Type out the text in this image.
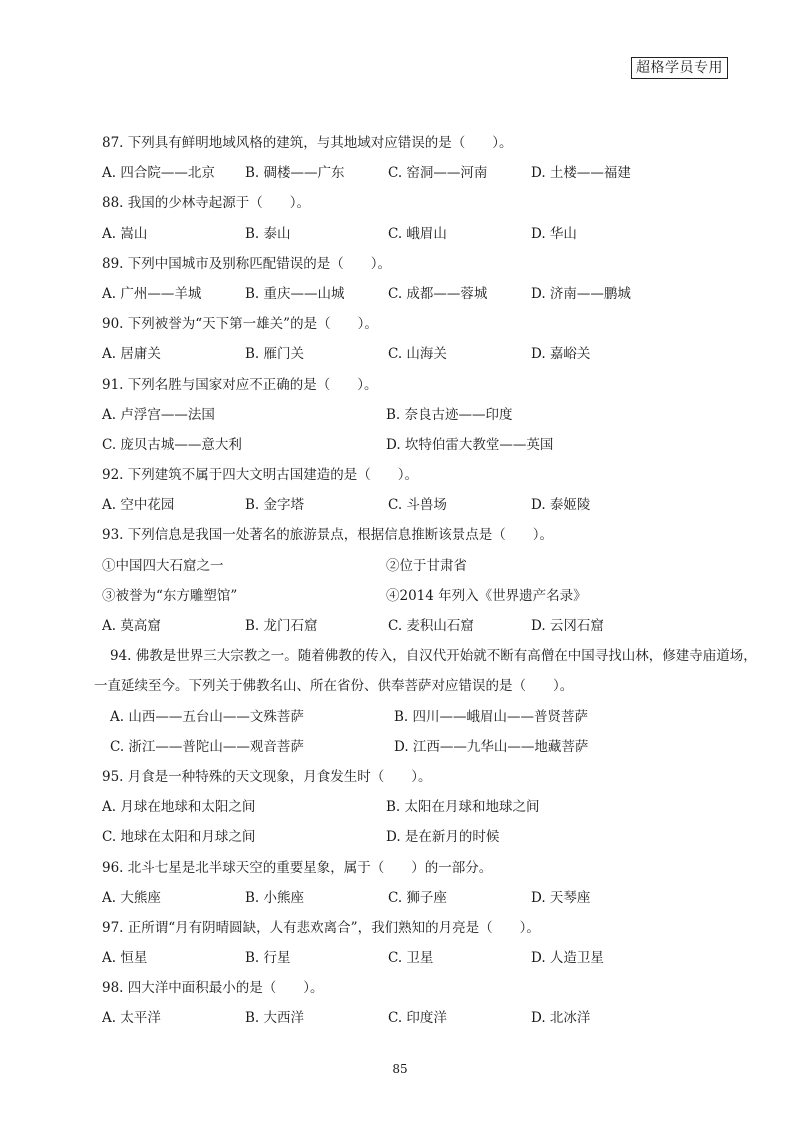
超格学员专用
87. 下列具有鲜明地域风格的建筑，与其地域对应错误的是（　　）。
A. 四合院——北京	B. 碉楼——广东	C. 窑洞——河南	D. 土楼——福建
88. 我国的少林寺起源于（　　）。
A. 嵩山	B. 泰山	C. 峨眉山	D. 华山
89. 下列中国城市及别称匹配错误的是（　　）。
A. 广州——羊城	B. 重庆——山城	C. 成都——蓉城	D. 济南——鹏城
90. 下列被誉为“天下第一雄关”的是（　　）。
A. 居庸关	B. 雁门关	C. 山海关	D. 嘉峪关
91. 下列名胜与国家对应不正确的是（　　）。
A. 卢浮宫——法国	B. 奈良古迹——印度
C. 庞贝古城——意大利	D. 坎特伯雷大教堂——英国
92. 下列建筑不属于四大文明古国建造的是（　　）。
A. 空中花园	B. 金字塔	C. 斗兽场	D. 泰姬陵
93. 下列信息是我国一处著名的旅游景点，根据信息推断该景点是（　　）。
①中国四大石窟之一	②位于甘肃省
③被誉为“东方雕塑馆”	④2014 年列入《世界遗产名录》
A. 莫高窟	B. 龙门石窟	C. 麦积山石窟	D. 云冈石窟
94. 佛教是世界三大宗教之一。随着佛教的传入，自汉代开始就不断有高僧在中国寻找山林，修建寺庙道场，
一直延续至今。下列关于佛教名山、所在省份、供奉菩萨对应错误的是（　　）。
A. 山西——五台山——文殊菩萨	B. 四川——峨眉山——普贤菩萨
C. 浙江——普陀山——观音菩萨	D. 江西——九华山——地藏菩萨
95. 月食是一种特殊的天文现象，月食发生时（　　）。
A. 月球在地球和太阳之间	B. 太阳在月球和地球之间
C. 地球在太阳和月球之间	D. 是在新月的时候
96. 北斗七星是北半球天空的重要星象，属于（　　）的一部分。
A. 大熊座	B. 小熊座	C. 狮子座	D. 天琴座
97. 正所谓“月有阴晴圆缺，人有悲欢离合”，我们熟知的月亮是（　　）。
A. 恒星	B. 行星	C. 卫星	D. 人造卫星
98. 四大洋中面积最小的是（　　）。
A. 太平洋	B. 大西洋	C. 印度洋	D. 北冰洋
85
